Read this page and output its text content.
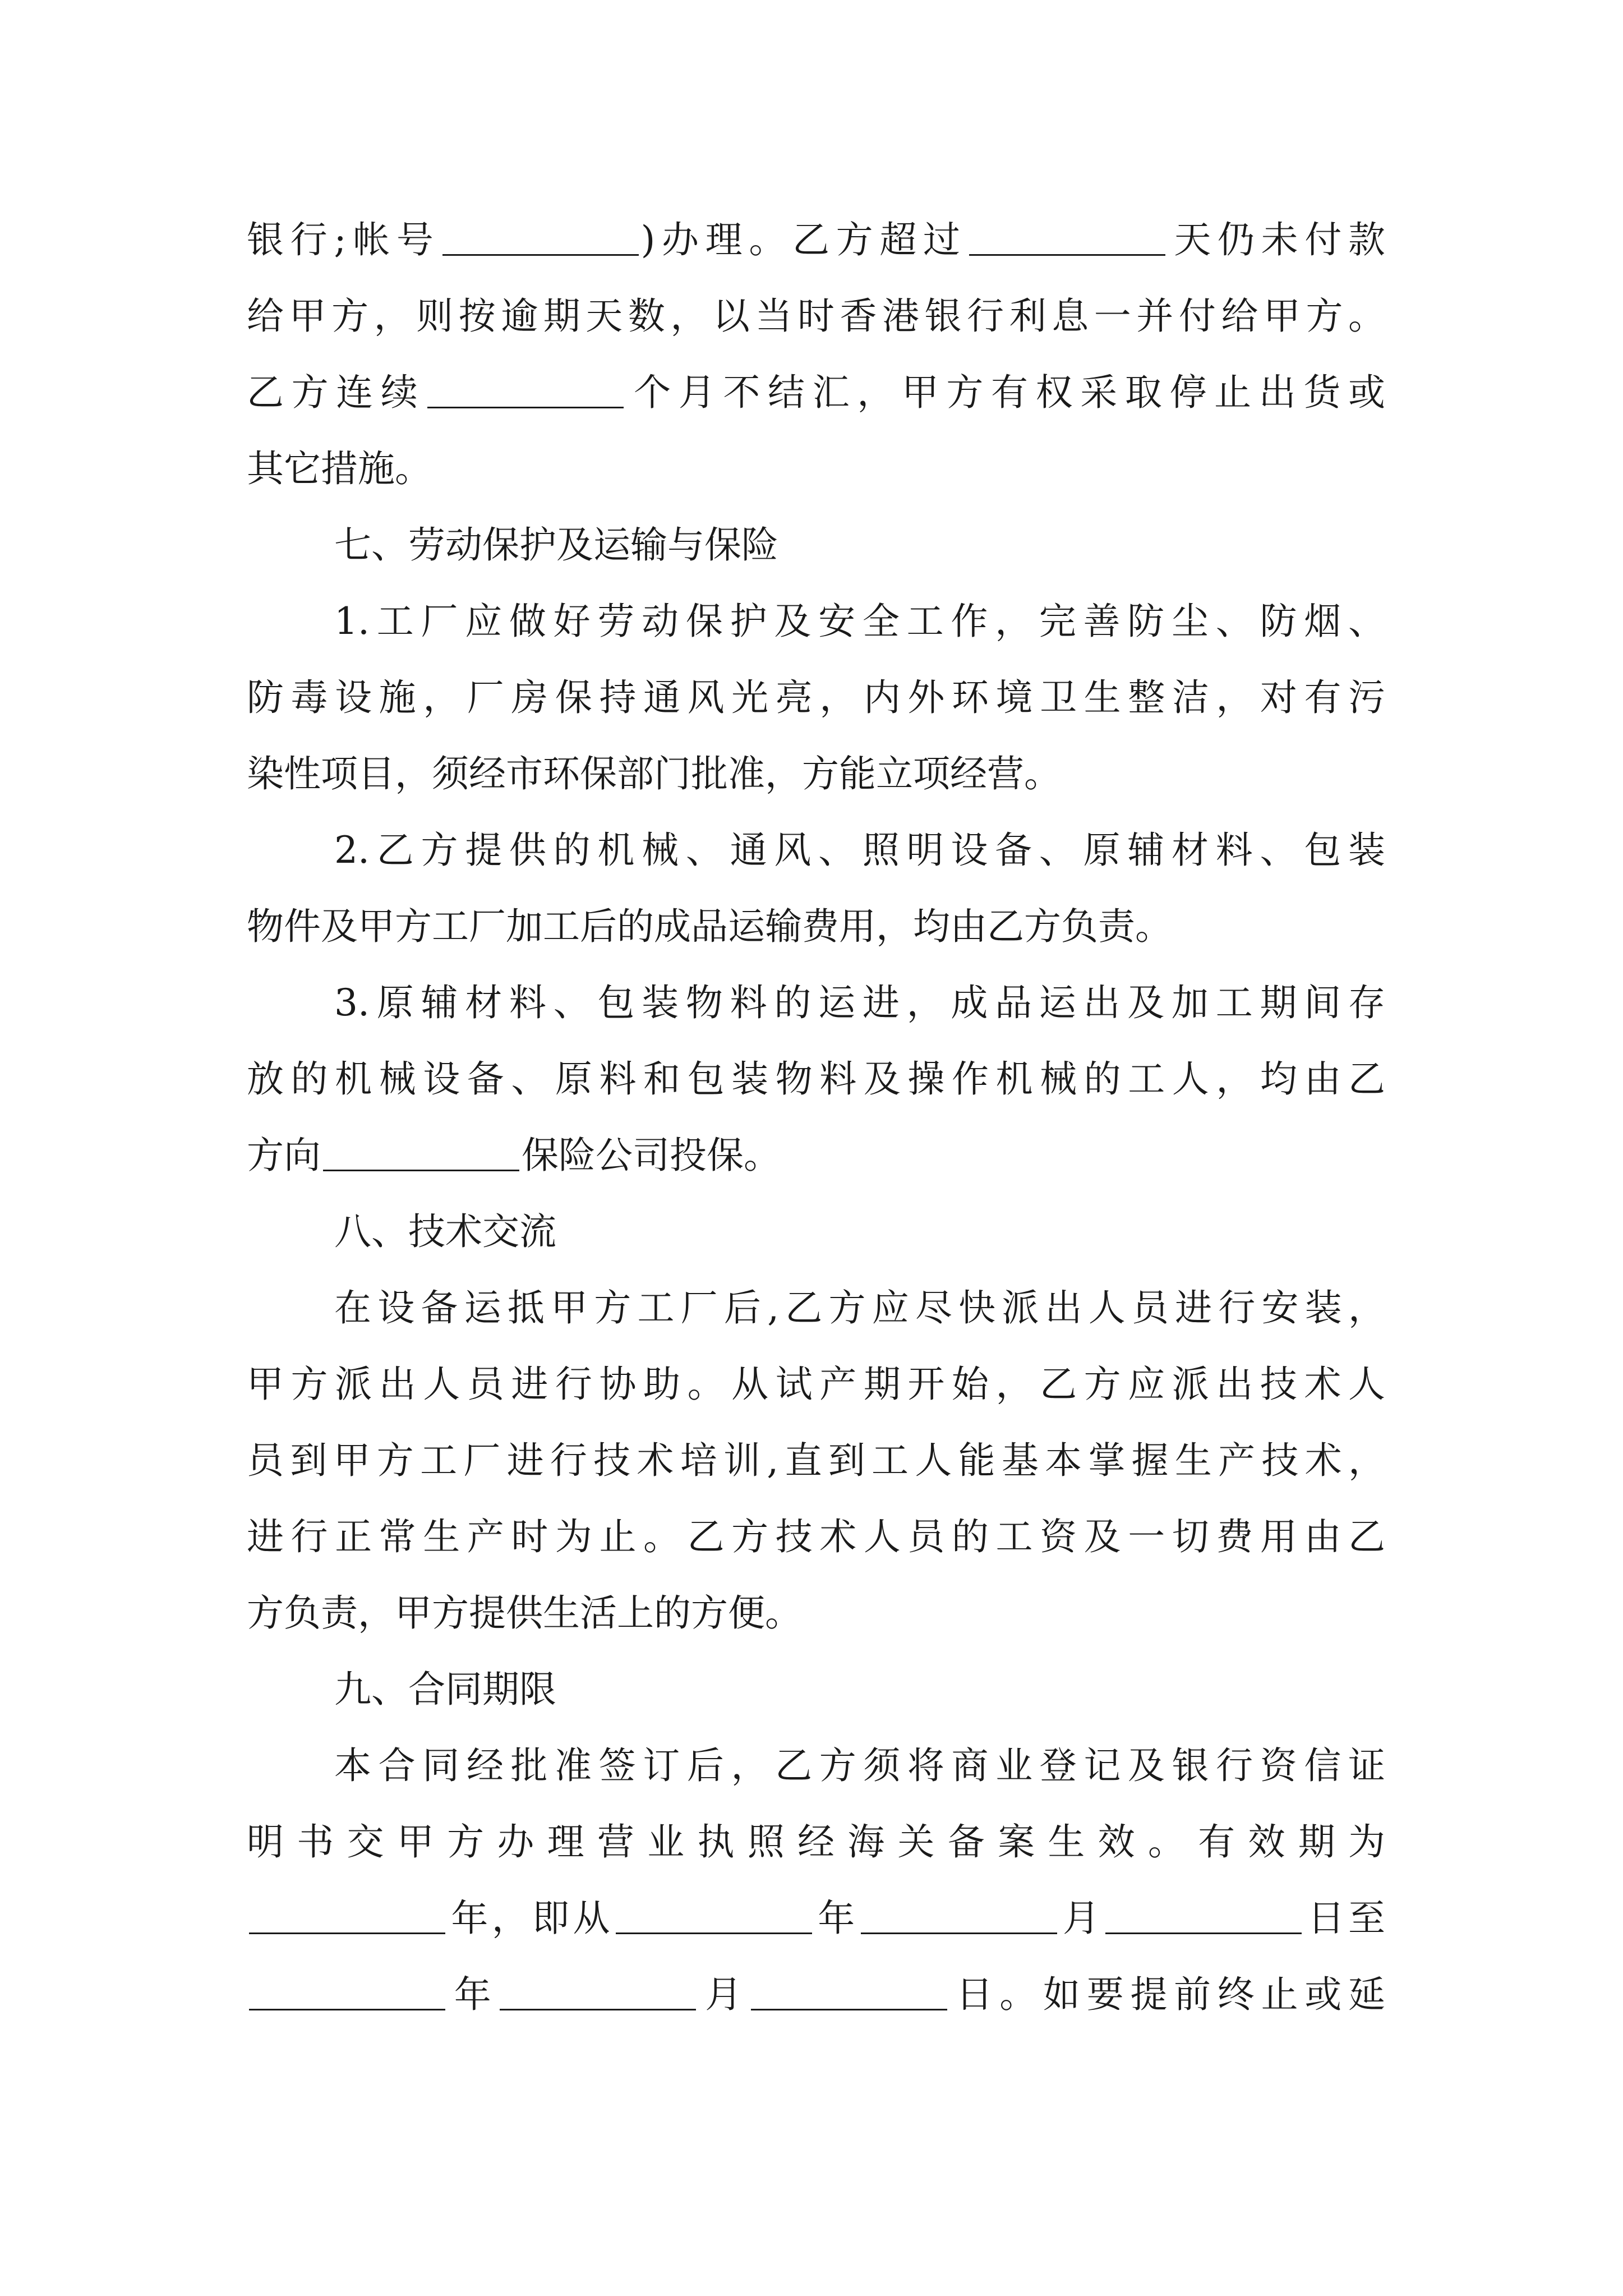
银行;帐号	)办理。乙方超过	天仍未付款
给甲方，则按逾期天数，以当时香港银行利息一并付给甲方。
乙方连续	个月不结汇，甲方有权采取停止出货或
其它措施。
七、劳动保护及运输与保险
1.工厂应做好劳动保护及安全工作，完善防尘、防烟、
防毒设施，厂房保持通风光亮，内外环境卫生整洁，对有污
染性项目，须经市环保部门批准，方能立项经营。
2.乙方提供的机械、通风、照明设备、原辅材料、包装
物件及甲方工厂加工后的成品运输费用，均由乙方负责。
3.原辅材料、包装物料的运进，成品运出及加工期间存
放的机械设备、原料和包装物料及操作机械的工人，均由乙
方向	保险公司投保。
八、技术交流
在设备运抵甲方工厂后,乙方应尽快派出人员进行安装，
甲方派出人员进行协助。从试产期开始，乙方应派出技术人
员到甲方工厂进行技术培训,直到工人能基本掌握生产技术，
进行正常生产时为止。乙方技术人员的工资及一切费用由乙
方负责，甲方提供生活上的方便。
九、合同期限
本合同经批准签订后，乙方须将商业登记及银行资信证
明书交甲方办理营业执照经海关备案生效。有效期为
年，即从	年	月	日至
年	月	日。如要提前终止或延
